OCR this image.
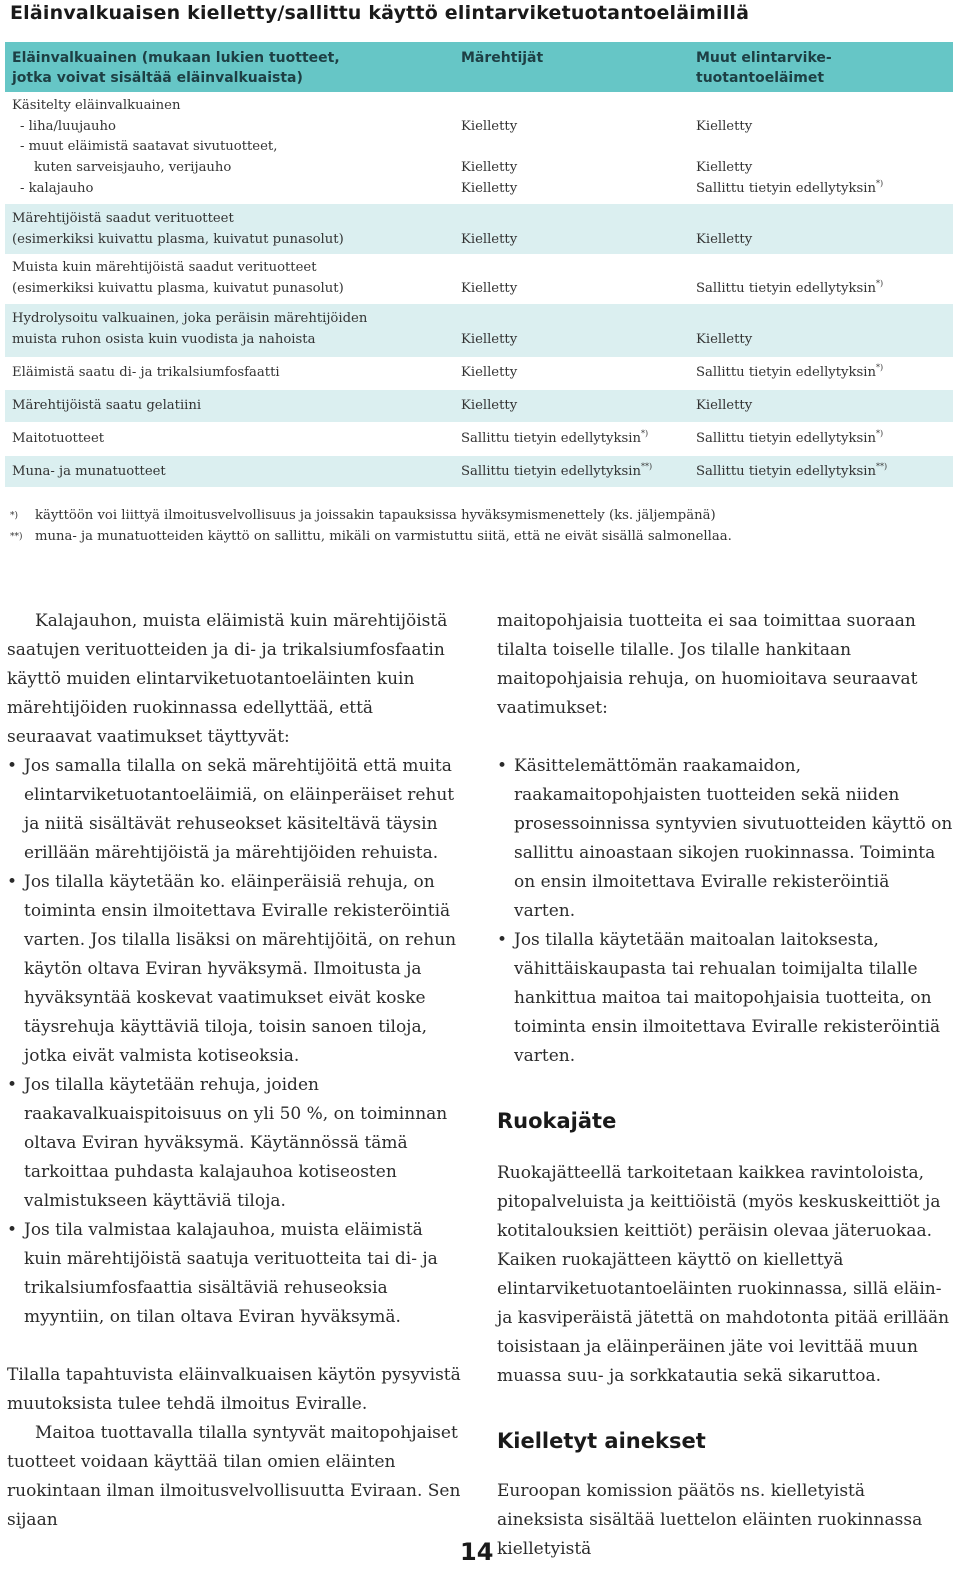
Eläinvalkuaisen kielletty/sallittu käyttö elintarviketuotantoeläimillä
Eläinvalkuainen (mukaan lukien tuotteet,
jotka voivat sisältää eläinvalkuaista)
Märehtijät	Muut elintarvike-
tuotantoeläimet
Käsitelty eläinvalkuainen
- liha/luujauho	Kielletty	Kielletty
- muut eläimistä saatavat sivutuotteet,
kuten sarveisjauho, verijauho	Kielletty	Kielletty
- kalajauho	Kielletty	Sallittu tietyin edellytyksin*)
Märehtijöistä saadut verituotteet
(esimerkiksi kuivattu plasma, kuivatut punasolut)	Kielletty	Kielletty
Muista kuin märehtijöistä saadut verituotteet
(esimerkiksi kuivattu plasma, kuivatut punasolut)	Kielletty	Sallittu tietyin edellytyksin*)
Hydrolysoitu valkuainen, joka peräisin märehtijöiden
muista ruhon osista kuin vuodista ja nahoista	Kielletty	Kielletty
Eläimistä saatu di- ja trikalsiumfosfaatti	Kielletty	Sallittu tietyin edellytyksin*)
Märehtijöistä saatu gelatiini	Kielletty	Kielletty
Maitotuotteet	Sallittu tietyin edellytyksin*)	Sallittu tietyin edellytyksin*)
Muna- ja munatuotteet	Sallittu tietyin edellytyksin**)	Sallittu tietyin edellytyksin**)
*) käyttöön voi liittyä ilmoitusvelvollisuus ja joissakin tapauksissa hyväksymismenettely (ks. jäljempänä)
**) muna- ja munatuotteiden käyttö on sallittu, mikäli on varmistuttu siitä, että ne eivät sisällä salmonellaa.

Kalajauhon, muista eläimistä kuin märehtijöistä saatujen verituotteiden ja di- ja trikalsiumfosfaatin käyttö muiden elintarviketuotantoeläinten kuin märehtijöiden ruokinnassa edellyttää, että seuraavat vaatimukset täyttyvät:

• Jos samalla tilalla on sekä märehtijöitä että muita elintarviketuotantoeläimiä, on eläinperäiset rehut ja niitä sisältävät rehuseokset käsiteltävä täysin erillään märehtijöistä ja märehtijöiden rehuista.
• Jos tilalla käytetään ko. eläinperäisiä rehuja, on toiminta ensin ilmoitettava Eviralle rekisteröintiä varten. Jos tilalla lisäksi on märehtijöitä, on rehun käytön oltava Eviran hyväksymä. Ilmoitusta ja hyväksyntää koskevat vaatimukset eivät koske täysrehuja käyttäviä tiloja, toisin sanoen tiloja, jotka eivät valmista kotiseoksia.
• Jos tilalla käytetään rehuja, joiden raakavalkuaispitoisuus on yli 50 %, on toiminnan oltava Eviran hyväksymä. Käytännössä tämä tarkoittaa puhdasta kalajauhoa kotiseosten valmistukseen käyttäviä tiloja.
• Jos tila valmistaa kalajauhoa, muista eläimistä kuin märehtijöistä saatuja verituotteita tai di- ja trikalsiumfosfaattia sisältäviä rehuseoksia myyntiin, on tilan oltava Eviran hyväksymä.

Tilalla tapahtuvista eläinvalkuaisen käytön pysyvistä muutoksista tulee tehdä ilmoitus Eviralle.

Maitoa tuottavalla tilalla syntyvät maitopohjaiset tuotteet voidaan käyttää tilan omien eläinten ruokintaan ilman ilmoitusvelvollisuutta Eviraan. Sen sijaan

maitopohjaisia tuotteita ei saa toimittaa suoraan tilalta toiselle tilalle. Jos tilalle hankitaan maitopohjaisia rehuja, on huomioitava seuraavat vaatimukset:

• Käsittelemättömän raakamaidon, raakamaitopohjaisten tuotteiden sekä niiden prosessoinnissa syntyvien sivutuotteiden käyttö on sallittu ainoastaan sikojen ruokinnassa. Toiminta on ensin ilmoitettava Eviralle rekisteröintiä varten.
• Jos tilalla käytetään maitoalan laitoksesta, vähittäiskaupasta tai rehualan toimijalta tilalle hankittua maitoa tai maitopohjaisia tuotteita, on toiminta ensin ilmoitettava Eviralle rekisteröintiä varten.
Ruokajäte

Ruokajätteellä tarkoitetaan kaikkea ravintoloista, pitopalveluista ja keittiöistä (myös keskuskeittiöt ja kotitalouksien keittiöt) peräisin olevaa jäteruokaa. Kaiken ruokajätteen käyttö on kiellettyä elintarviketuotantoeläinten ruokinnassa, sillä eläin- ja kasviperäistä jätettä on mahdotonta pitää erillään toisistaan ja eläinperäinen jäte voi levittää muun muassa suu- ja sorkkatautia sekä sikaruttoa.

Kielletyt ainekset

Euroopan komission päätös ns. kielletyistä aineksista sisältää luettelon eläinten ruokinnassa kielletyistä

14
